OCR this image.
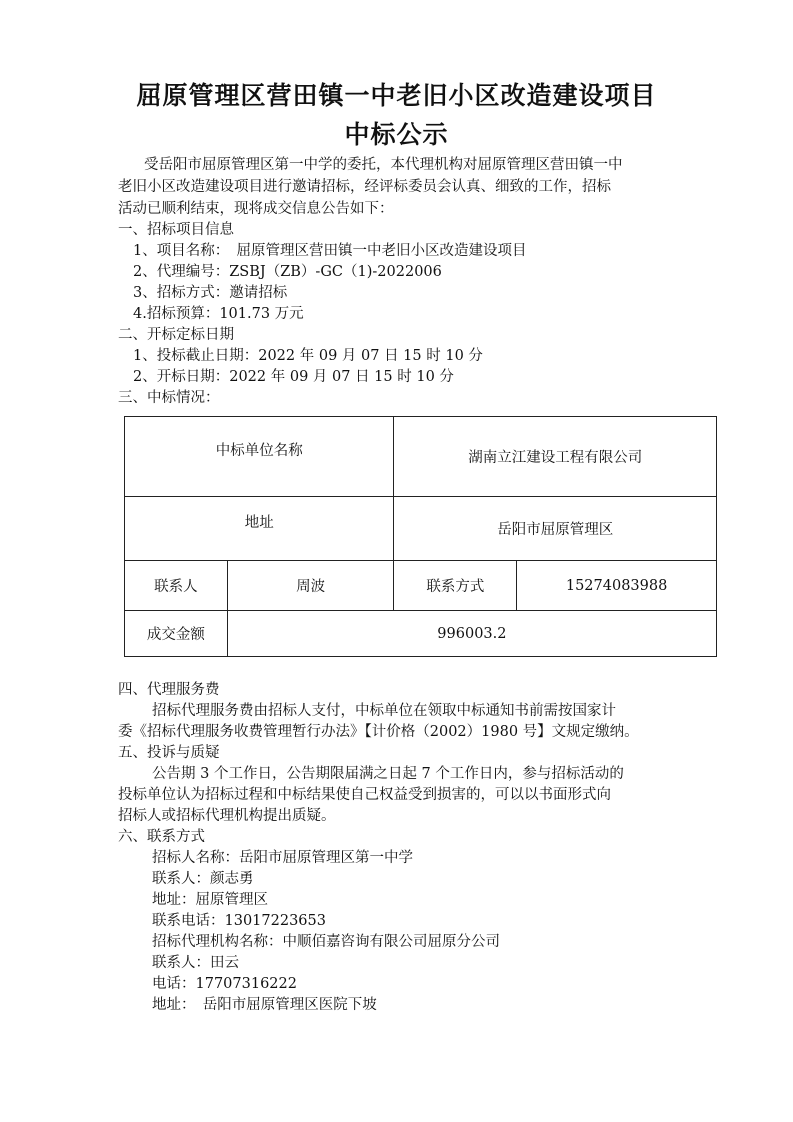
屈原管理区营田镇一中老旧小区改造建设项目
中标公示
受岳阳市屈原管理区第一中学的委托，本代理机构对屈原管理区营田镇一中
老旧小区改造建设项目进行邀请招标，经评标委员会认真、细致的工作，招标
活动已顺利结束，现将成交信息公告如下：
一、招标项目信息
1、项目名称：　屈原管理区营田镇一中老旧小区改造建设项目
2、代理编号：ZSBJ（ZB）-GC（1)-2022006
3、招标方式：邀请招标
4.招标预算：101.73 万元
二、开标定标日期
1、投标截止日期：2022 年 09 月 07 日 15 时 10 分
2、开标日期：2022 年 09 月 07 日 15 时 10 分
三、中标情况：
中标单位名称		湖南立江建设工程有限公司	
地址		岳阳市屈原管理区	
联系人	周波	联系方式	15274083988
成交金额	996003.2		
四、代理服务费
招标代理服务费由招标人支付，中标单位在领取中标通知书前需按国家计
委《招标代理服务收费管理暂行办法》【计价格（2002）1980 号】文规定缴纳。
五、投诉与质疑
公告期 3 个工作日，公告期限届满之日起 7 个工作日内，参与招标活动的
投标单位认为招标过程和中标结果使自己权益受到损害的，可以以书面形式向
招标人或招标代理机构提出质疑。
六、联系方式
招标人名称：岳阳市屈原管理区第一中学
联系人：颜志勇
地址：屈原管理区
联系电话：13017223653
招标代理机构名称：中顺佰嘉咨询有限公司屈原分公司
联系人：田云
电话：17707316222
地址：　岳阳市屈原管理区医院下坡
